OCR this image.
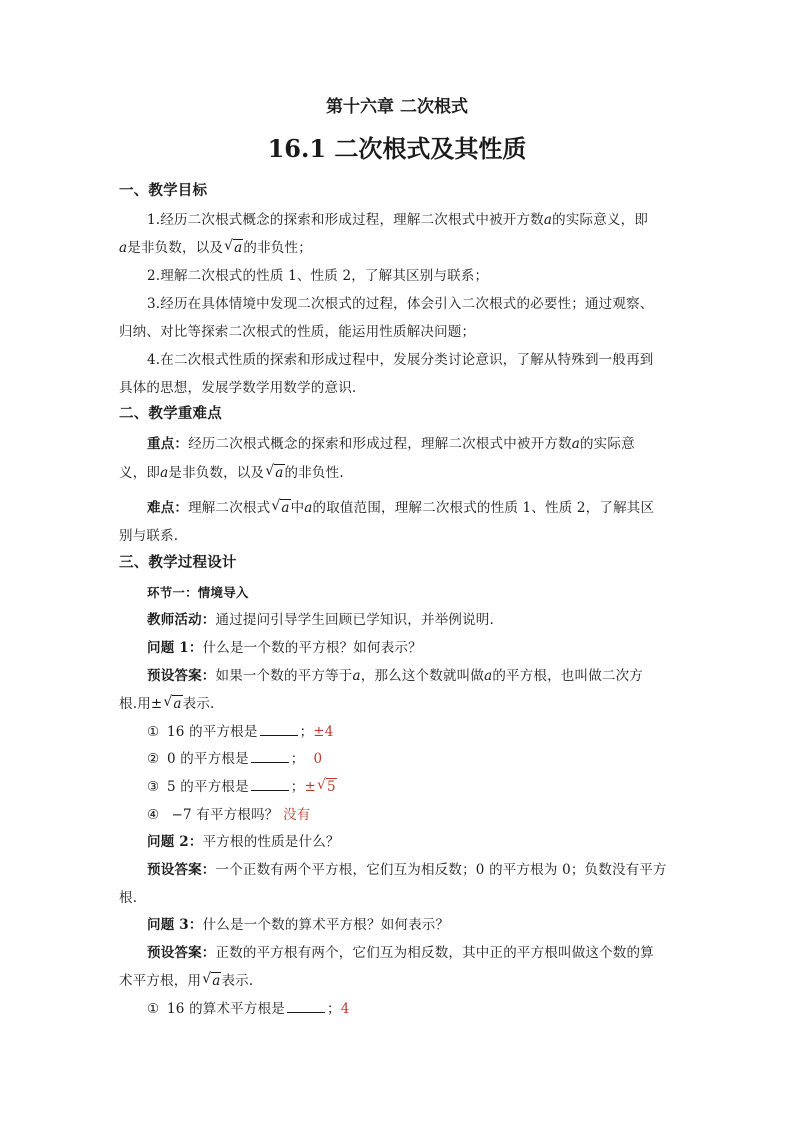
第十六章 二次根式
16.1 二次根式及其性质
一、教学目标
1.经历二次根式概念的探索和形成过程，理解二次根式中被开方数a的实际意义，即
a是非负数，以及 √ a的非负性；
2.理解二次根式的性质 1、性质 2，了解其区别与联系；
3.经历在具体情境中发现二次根式的过程，体会引入二次根式的必要性；通过观察、
归纳、对比等探索二次根式的性质，能运用性质解决问题；
4.在二次根式性质的探索和形成过程中，发展分类讨论意识，了解从特殊到一般再到
具体的思想，发展学数学用数学的意识.
二、教学重难点
重点：经历二次根式概念的探索和形成过程，理解二次根式中被开方数a的实际意
义，即a是非负数，以及 √ a的非负性.
难点：理解二次根式 √ a中a的取值范围，理解二次根式的性质 1、性质 2，了解其区
别与联系.
三、教学过程设计
环节一：情境导入
教师活动：通过提问引导学生回顾已学知识，并举例说明.
问题 1：什么是一个数的平方根？如何表示？
预设答案：如果一个数的平方等于a，那么这个数就叫做a的平方根，也叫做二次方
根.用± √ a表示.
① 16 的平方根是	；±4
② 0 的平方根是	； 0
③ 5 的平方根是	；± √ 5
④ −7 有平方根吗？ 没有
问题 2：平方根的性质是什么？
预设答案：一个正数有两个平方根，它们互为相反数；0 的平方根为 0；负数没有平方
根.
问题 3：什么是一个数的算术平方根？如何表示？
预设答案：正数的平方根有两个，它们互为相反数，其中正的平方根叫做这个数的算
术平方根，用 √ a表示.
① 16 的算术平方根是	；4
